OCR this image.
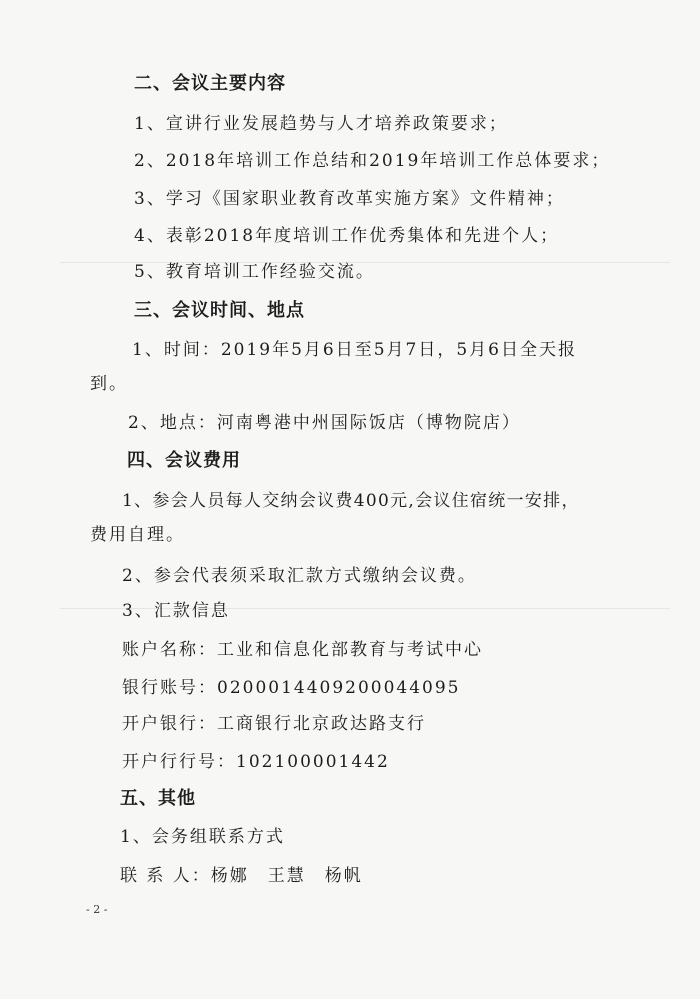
二、会议主要内容
1、宣讲行业发展趋势与人才培养政策要求；
2、2018年培训工作总结和2019年培训工作总体要求；
3、学习《国家职业教育改革实施方案》文件精神；
4、表彰2018年度培训工作优秀集体和先进个人；
5、教育培训工作经验交流。
三、会议时间、地点
1、时间：2019年5月6日至5月7日，5月6日全天报
到。
2、地点：河南粤港中州国际饭店（博物院店）
四、会议费用
1、参会人员每人交纳会议费400元,会议住宿统一安排，
费用自理。
2、参会代表须采取汇款方式缴纳会议费。
3、汇款信息
账户名称：工业和信息化部教育与考试中心
银行账号：0200014409200044095
开户银行：工商银行北京政达路支行
开户行行号：102100001442
五、其他
1、会务组联系方式
联 系 人：杨娜　王慧　杨帆
- 2 -
